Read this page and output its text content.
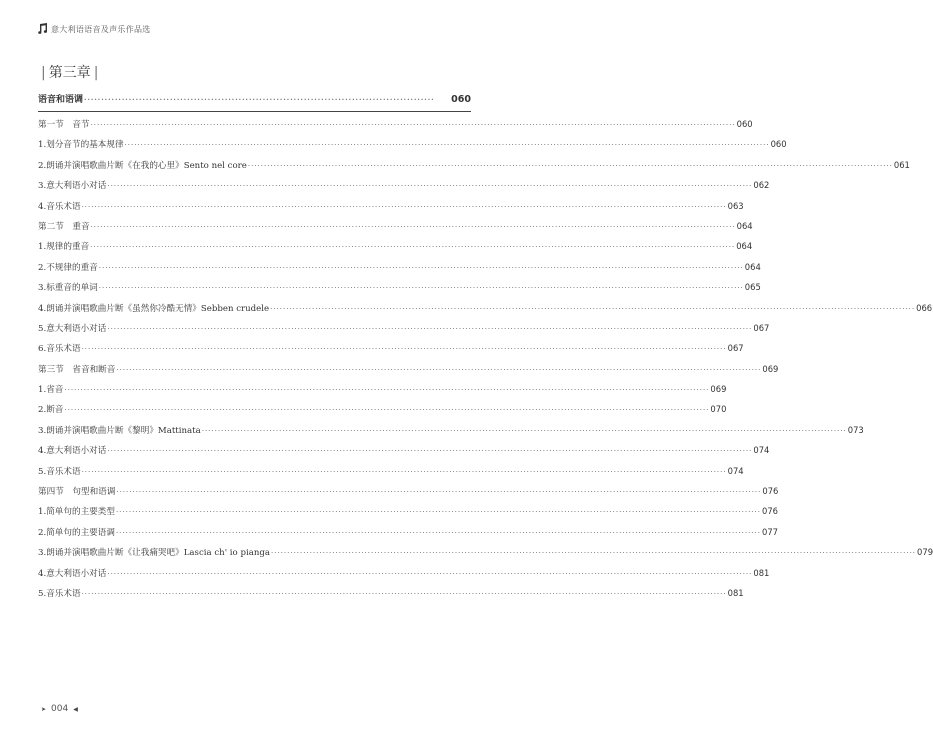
意大利语语音及声乐作品选
| 第三章 |
语音和语调 ······································································································	060
第一节　音节 ········································································································································································································ 060
1.划分音节的基本规律 ········································································································································································································ 060
2.朗诵并演唱歌曲片断《在我的心里》Sento nel core ········································································································································································································ 061
3.意大利语小对话 ········································································································································································································ 062
4.音乐术语 ········································································································································································································ 063
第二节　重音 ········································································································································································································ 064
1.规律的重音 ········································································································································································································ 064
2.不规律的重音 ········································································································································································································ 064
3.标重音的单词 ········································································································································································································ 065
4.朗诵并演唱歌曲片断《虽然你冷酷无情》Sebben crudele ········································································································································································································ 066
5.意大利语小对话 ········································································································································································································ 067
6.音乐术语 ········································································································································································································ 067
第三节　省音和断音 ········································································································································································································ 069
1.省音 ········································································································································································································ 069
2.断音 ········································································································································································································ 070
3.朗诵并演唱歌曲片断《黎明》Mattinata ········································································································································································································ 073
4.意大利语小对话 ········································································································································································································ 074
5.音乐术语 ········································································································································································································ 074
第四节　句型和语调 ········································································································································································································ 076
1.简单句的主要类型 ········································································································································································································ 076
2.简单句的主要语调 ········································································································································································································ 077
3.朗诵并演唱歌曲片断《让我痛哭吧》Lascia ch' io pianga ········································································································································································································ 079
4.意大利语小对话 ········································································································································································································ 081
5.音乐术语 ········································································································································································································ 081
➤ 004 ◀
